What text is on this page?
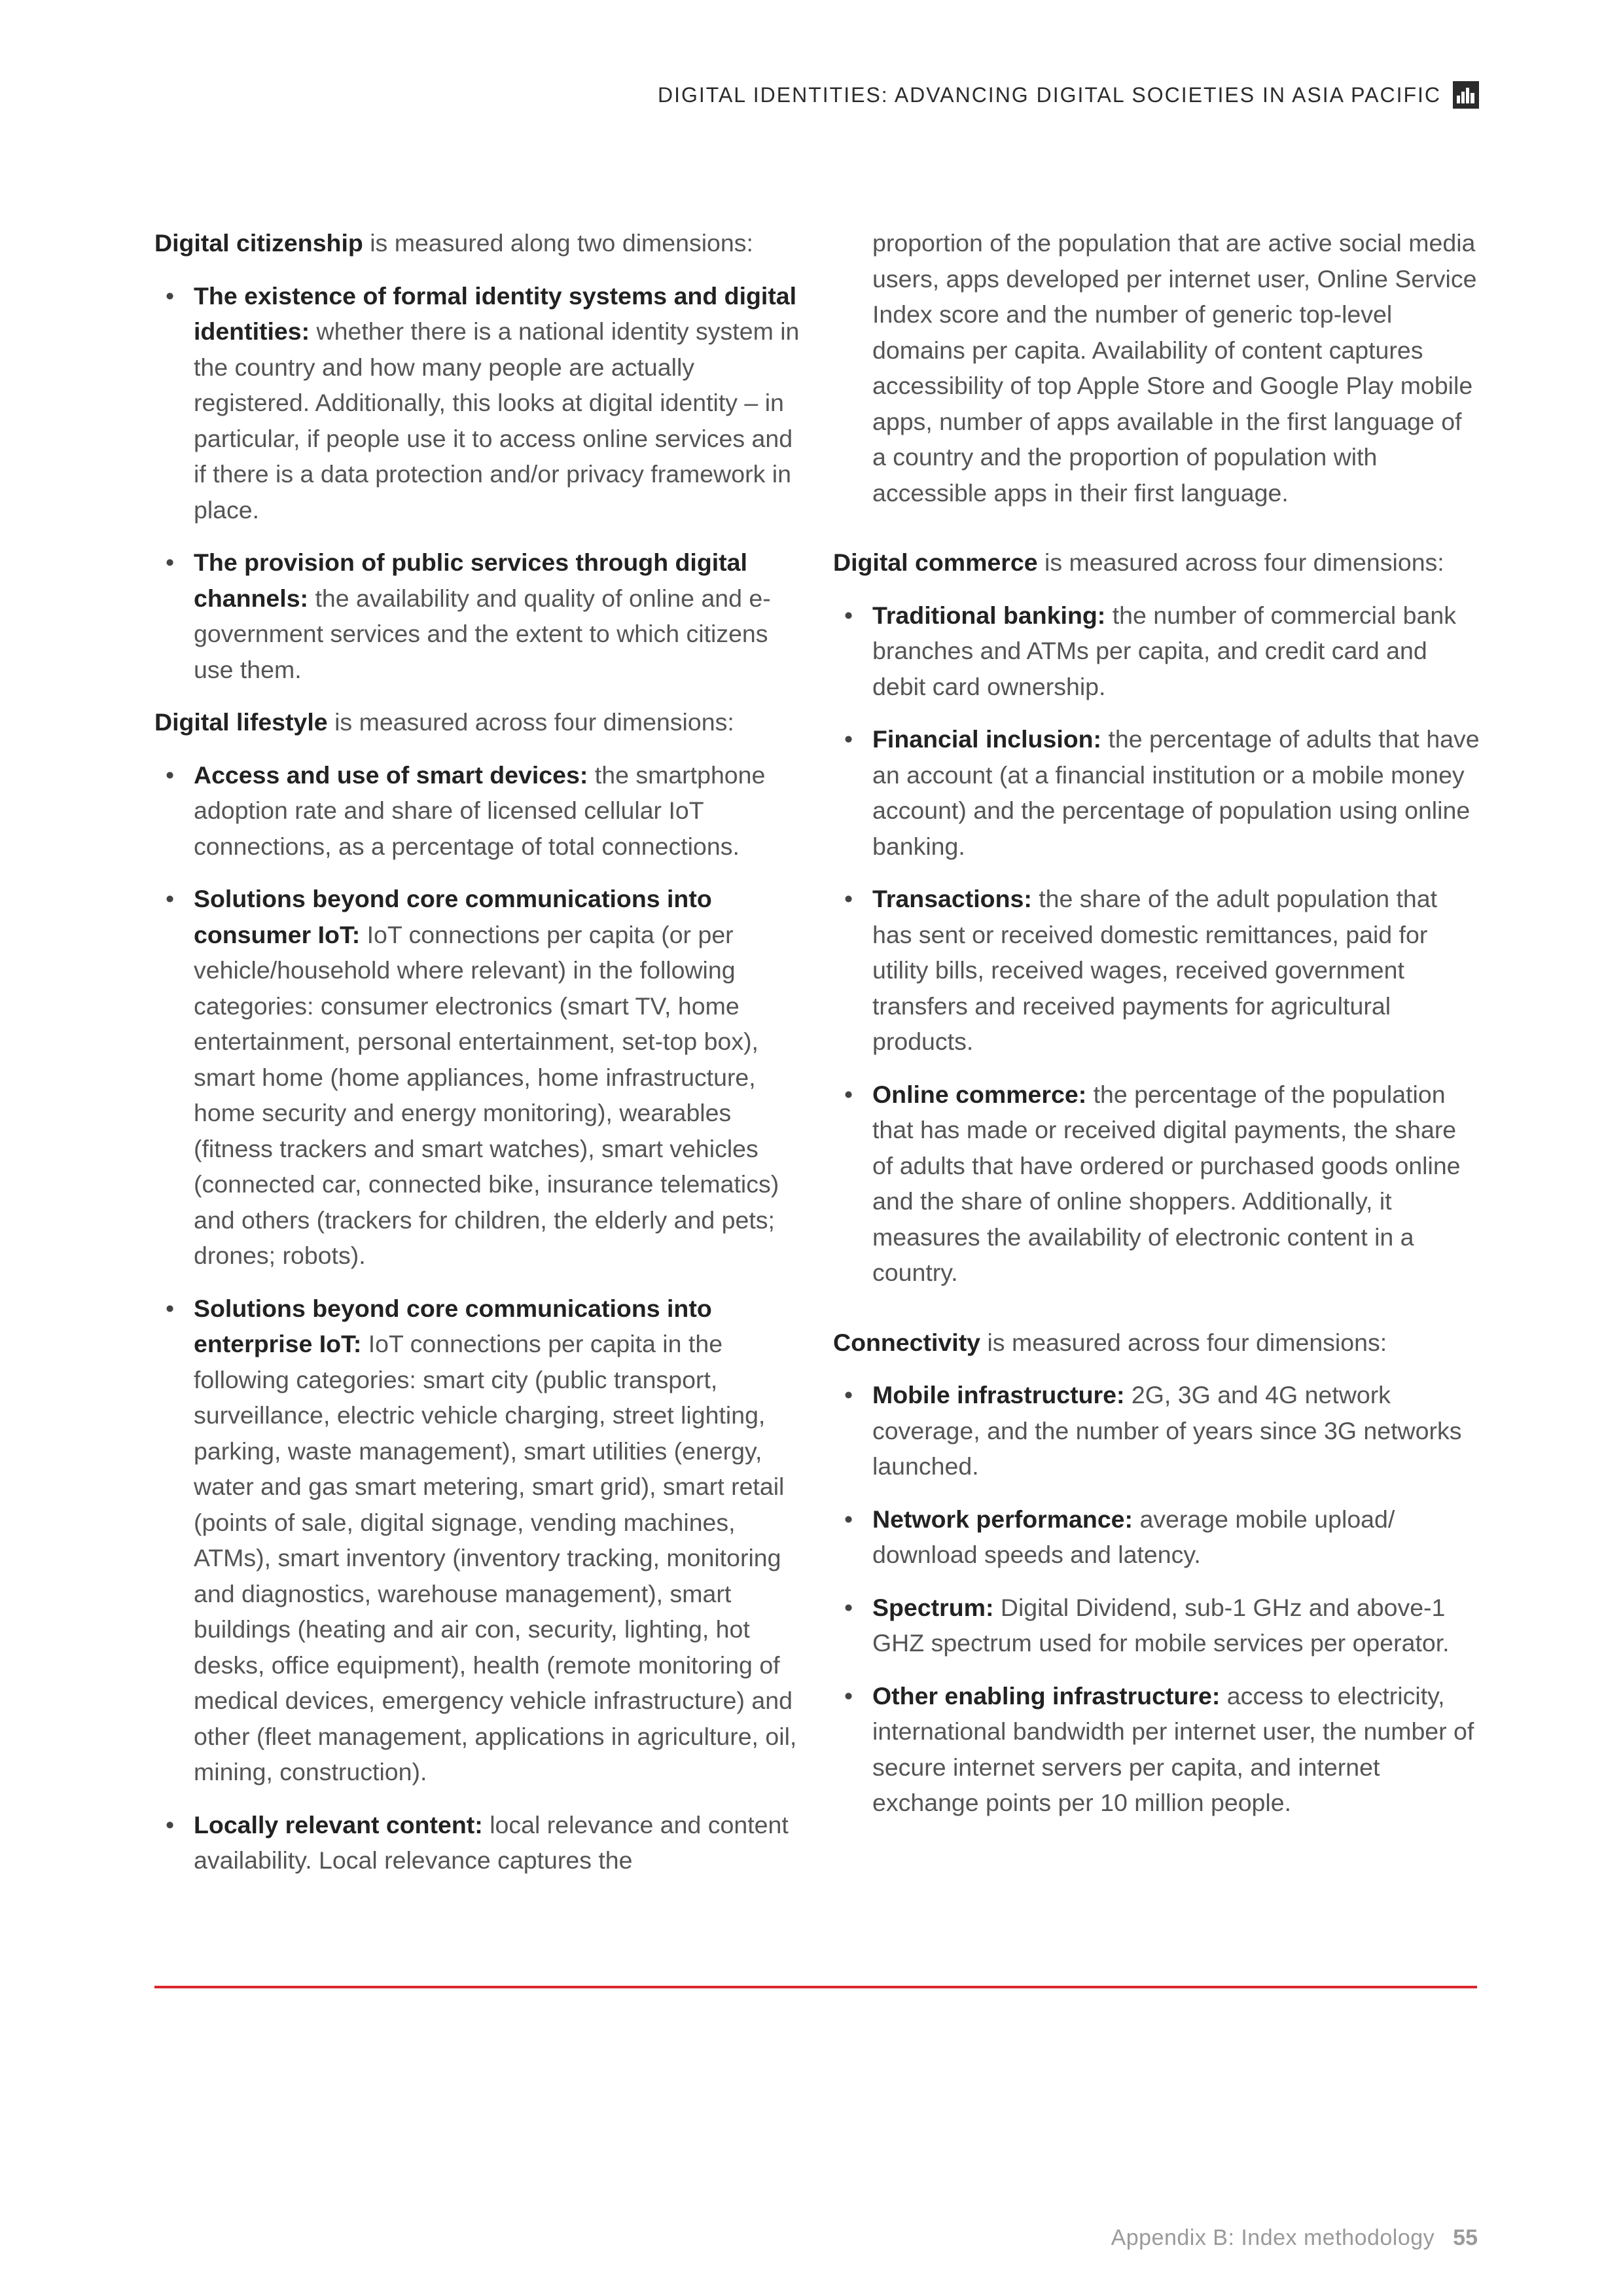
DIGITAL IDENTITIES: ADVANCING DIGITAL SOCIETIES IN ASIA PACIFIC

Digital citizenship is measured along two dimensions:

• The existence of formal identity systems and digital identities: whether there is a national identity system in the country and how many people are actually registered. Additionally, this looks at digital identity – in particular, if people use it to access online services and if there is a data protection and/or privacy framework in place.
• The provision of public services through digital channels: the availability and quality of online and e-government services and the extent to which citizens use them.

Digital lifestyle is measured across four dimensions:

• Access and use of smart devices: the smartphone adoption rate and share of licensed cellular IoT connections, as a percentage of total connections.
• Solutions beyond core communications into consumer IoT: IoT connections per capita (or per vehicle/household where relevant) in the following categories: consumer electronics (smart TV, home entertainment, personal entertainment, set-top box), smart home (home appliances, home infrastructure, home security and energy monitoring), wearables (fitness trackers and smart watches), smart vehicles (connected car, connected bike, insurance telematics) and others (trackers for children, the elderly and pets; drones; robots).
• Solutions beyond core communications into enterprise IoT: IoT connections per capita in the following categories: smart city (public transport, surveillance, electric vehicle charging, street lighting, parking, waste management), smart utilities (energy, water and gas smart metering, smart grid), smart retail (points of sale, digital signage, vending machines, ATMs), smart inventory (inventory tracking, monitoring and diagnostics, warehouse management), smart buildings (heating and air con, security, lighting, hot desks, office equipment), health (remote monitoring of medical devices, emergency vehicle infrastructure) and other (fleet management, applications in agriculture, oil, mining, construction).
• Locally relevant content: local relevance and content availability. Local relevance captures the

proportion of the population that are active social media users, apps developed per internet user, Online Service Index score and the number of generic top-level domains per capita. Availability of content captures accessibility of top Apple Store and Google Play mobile apps, number of apps available in the first language of a country and the proportion of population with accessible apps in their first language.

Digital commerce is measured across four dimensions:

• Traditional banking: the number of commercial bank branches and ATMs per capita, and credit card and debit card ownership.
• Financial inclusion: the percentage of adults that have an account (at a financial institution or a mobile money account) and the percentage of population using online banking.
• Transactions: the share of the adult population that has sent or received domestic remittances, paid for utility bills, received wages, received government transfers and received payments for agricultural products.
• Online commerce: the percentage of the population that has made or received digital payments, the share of adults that have ordered or purchased goods online and the share of online shoppers. Additionally, it measures the availability of electronic content in a country.

Connectivity is measured across four dimensions:

• Mobile infrastructure: 2G, 3G and 4G network coverage, and the number of years since 3G networks launched.
• Network performance: average mobile upload/ download speeds and latency.
• Spectrum: Digital Dividend, sub-1 GHz and above-1 GHZ spectrum used for mobile services per operator.
• Other enabling infrastructure: access to electricity, international bandwidth per internet user, the number of secure internet servers per capita, and internet exchange points per 10 million people.
Appendix B: Index methodology 55
